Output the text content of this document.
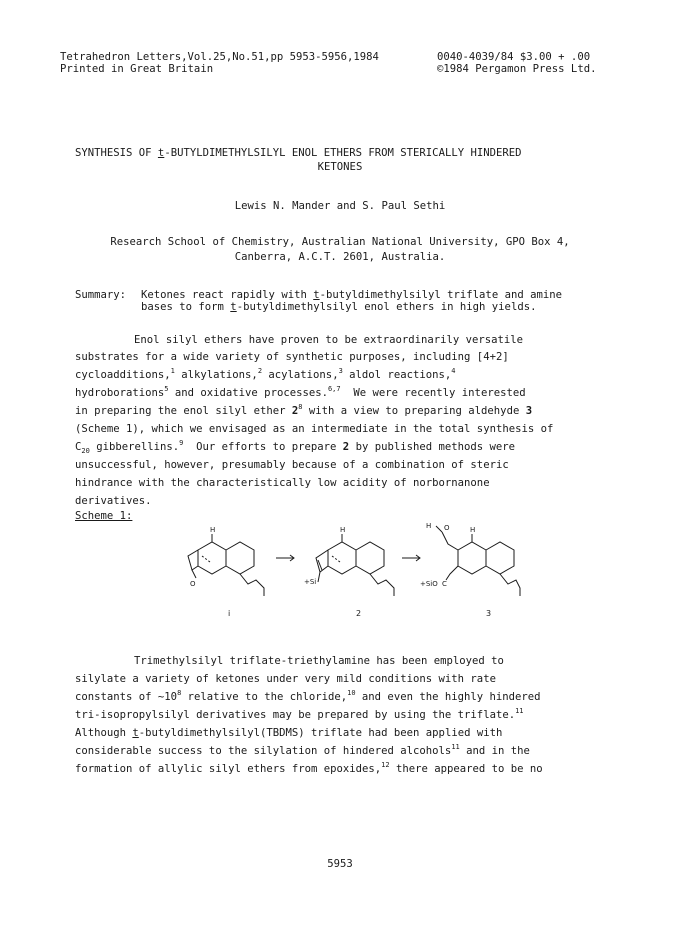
Tetrahedron Letters,Vol.25,No.51,pp 5953-5956,1984
Printed in Great Britain
0040-4039/84 $3.00 + .00
©1984 Pergamon Press Ltd.
SYNTHESIS OF t-BUTYLDIMETHYLSILYL ENOL ETHERS FROM STERICALLY HINDERED
KETONES
Lewis N. Mander and S. Paul Sethi
Research School of Chemistry, Australian National University, GPO Box 4,
Canberra, A.C.T. 2601, Australia.
Summary: Ketones react rapidly with t-butyldimethylsilyl triflate and amine
bases to form t-butyldimethylsilyl enol ethers in high yields.
Enol silyl ethers have proven to be extraordinarily versatile
substrates for a wide variety of synthetic purposes, including [4+2]
cycloadditions,$^1$ alkylations,$^2$ acylations,$^3$ aldol reactions,$^4$
hydroborations$^5$ and oxidative processes.$^{6,7}$  We were recently interested
in preparing the enol silyl ether $2^8$ with a view to preparing aldehyde 3
(Scheme 1), which we envisaged as an intermediate in the total synthesis of
$C_{20}$ gibberellins.$^9$  Our efforts to prepare 2 by published methods were
unsuccessful, however, presumably because of a combination of steric
hindrance with the characteristically low acidity of norbornanone
derivatives.
Scheme 1:
H
O
H
+Si
H
H O
+SiO C
i	2	3
Trimethylsilyl triflate-triethylamine has been employed to
silylate a variety of ketones under very mild conditions with rate
constants of $\sim 10^8$ relative to the chloride,$^{10}$ and even the highly hindered
tri-isopropylsilyl derivatives may be prepared by using the triflate.$^{11}$
Although t-butyldimethylsilyl(TBDMS) triflate had been applied with
considerable success to the silylation of hindered alcohols$^{11}$ and in the
formation of allylic silyl ethers from epoxides,$^{12}$ there appeared to be no
5953
